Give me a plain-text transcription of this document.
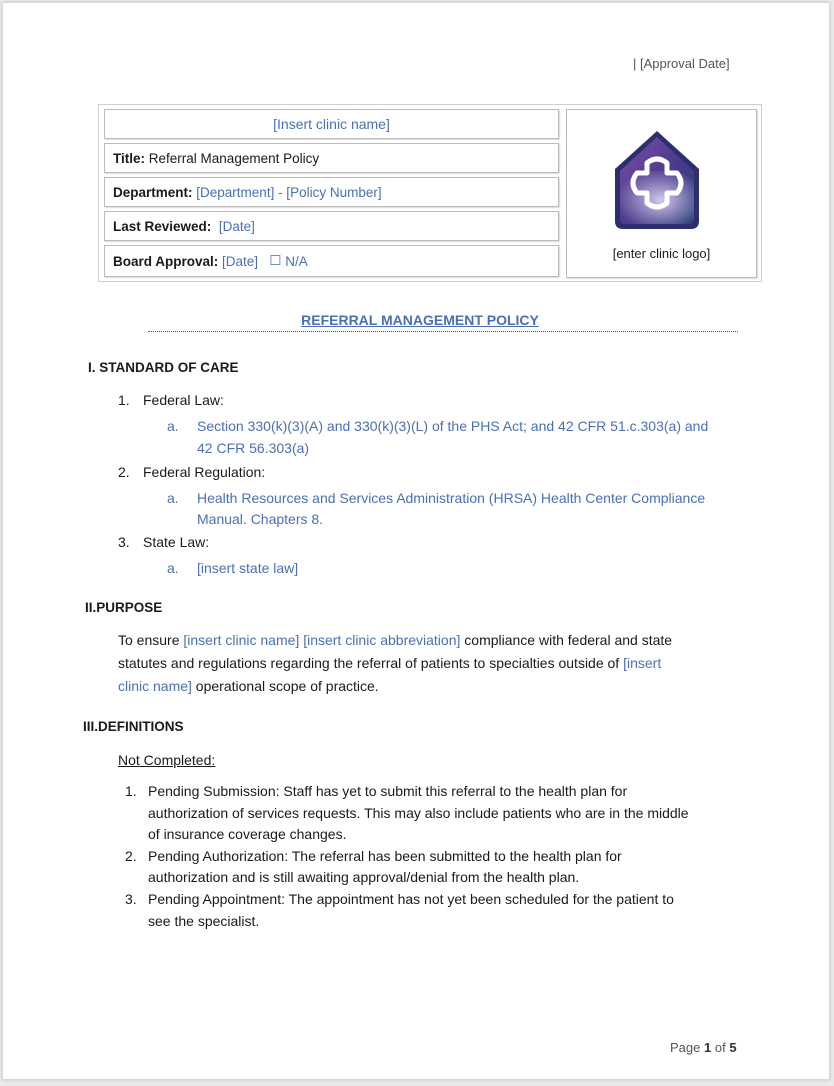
| [Approval Date]
[Insert clinic name]
Title:
Referral Management Policy
Department:
[Department] - [Policy Number]
Last Reviewed:
[Date]
Board Approval:
[Date]
☐
N/A	[enter clinic logo]
REFERRAL MANAGEMENT POLICY
I. STANDARD OF CARE
1. Federal Law:
a. Section 330(k)(3)(A) and 330(k)(3)(L) of the PHS Act; and 42 CFR 51.c.303(a) and
42 CFR 56.303(a)
2. Federal Regulation:
a. Health Resources and Services Administration (HRSA) Health Center Compliance
Manual. Chapters 8.
3. State Law:
a. [insert state law]
II.PURPOSE
To ensure [insert clinic name] [insert clinic abbreviation] compliance with federal and state
statutes and regulations regarding the referral of patients to specialties outside of [insert
clinic name] operational scope of practice.
III.DEFINITIONS
Not Completed:
1. Pending Submission: Staff has yet to submit this referral to the health plan for
authorization of services requests. This may also include patients who are in the middle
of insurance coverage changes.
2. Pending Authorization: The referral has been submitted to the health plan for
authorization and is still awaiting approval/denial from the health plan.
3. Pending Appointment: The appointment has not yet been scheduled for the patient to
see the specialist.
Page 1 of 5
